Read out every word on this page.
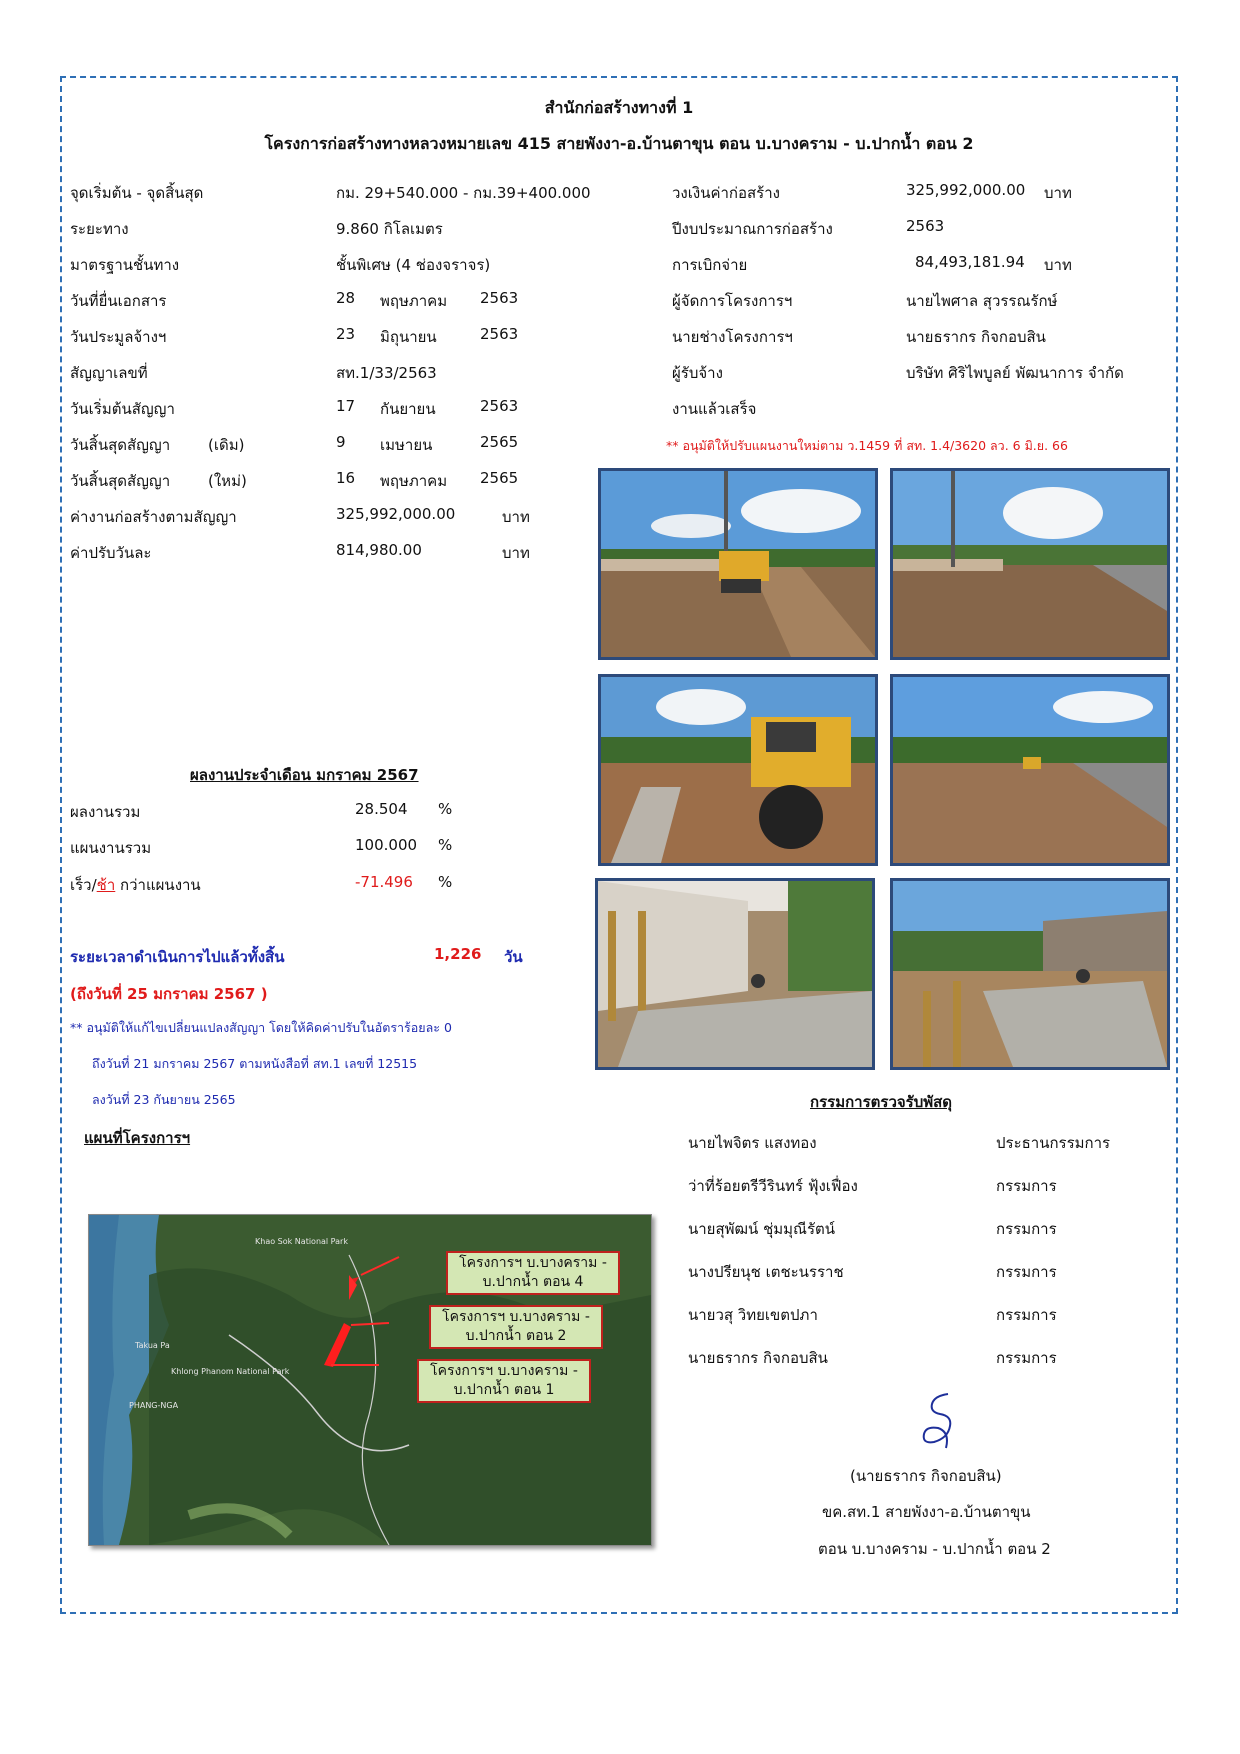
สำนักก่อสร้างทางที่ 1
โครงการก่อสร้างทางหลวงหมายเลข 415 สายพังงา-อ.บ้านตาขุน ตอน บ.บางคราม - บ.ปากน้ำ ตอน 2
จุดเริ่มต้น - จุดสิ้นสุด	กม. 29+540.000 - กม.39+400.000
ระยะทาง	9.860 กิโลเมตร
มาตรฐานชั้นทาง	ชั้นพิเศษ (4 ช่องจราจร)
วันที่ยื่นเอกสาร	28 พฤษภาคม 2563
วันประมูลจ้างฯ	23 มิถุนายน	2563
สัญญาเลขที่	สท.1/33/2563
วันเริ่มต้นสัญญา	17 กันยายน	2563
วันสิ้นสุดสัญญา	(เดิม)	9 เมษายน	2565
วันสิ้นสุดสัญญา	(ใหม่)	16 พฤษภาคม 2565
ค่างานก่อสร้างตามสัญญา	325,992,000.00	บาท
ค่าปรับวันละ	814,980.00	บาท
วงเงินค่าก่อสร้าง	325,992,000.00 บาท
ปีงบประมาณการก่อสร้าง	2563
การเบิกจ่าย	84,493,181.94 บาท
ผู้จัดการโครงการฯ	นายไพศาล สุวรรณรักษ์
นายช่างโครงการฯ	นายธรากร กิจกอบสิน
ผู้รับจ้าง	บริษัท ศิริไพบูลย์ พัฒนาการ จำกัด
งานแล้วเสร็จ
** อนุมัติให้ปรับแผนงานใหม่ตาม ว.1459 ที่ สท. 1.4/3620 ลว. 6 มิ.ย. 66
ผลงานประจำเดือน มกราคม 2567
ผลงานรวม	28.504 %
แผนงานรวม	100.000 %
เร็ว/ช้า กว่าแผนงาน	-71.496 %
ระยะเวลาดำเนินการไปแล้วทั้งสิ้น	1,226 วัน
(ถึงวันที่ 25 มกราคม 2567 )
** อนุมัติให้แก้ไขเปลี่ยนแปลงสัญญา โดยให้คิดค่าปรับในอัตราร้อยละ 0
ถึงวันที่ 21 มกราคม 2567 ตามหนังสือที่ สท.1 เลขที่ 12515
ลงวันที่ 23 กันยายน 2565
แผนที่โครงการฯ
Khao Sok National Park
Khlong Phanom National Park
Takua Pa
PHANG-NGA
โครงการฯ บ.บางคราม -
บ.ปากน้ำ ตอน 4
โครงการฯ บ.บางคราม -
บ.ปากน้ำ ตอน 2
โครงการฯ บ.บางคราม -
บ.ปากน้ำ ตอน 1
กรรมการตรวจรับพัสดุ
นายไพจิตร แสงทอง	ประธานกรรมการ
ว่าที่ร้อยตรีวีรินทร์ ฟุ้งเฟื่อง	กรรมการ
นายสุพัฒน์ ชุ่มมุณีรัตน์	กรรมการ
นางปรียนุช เตชะนรราช	กรรมการ
นายวสุ วิทยเขตปภา	กรรมการ
นายธรากร กิจกอบสิน	กรรมการ
(นายธรากร กิจกอบสิน)
ขค.สท.1 สายพังงา-อ.บ้านตาขุน
ตอน บ.บางคราม - บ.ปากน้ำ ตอน 2
